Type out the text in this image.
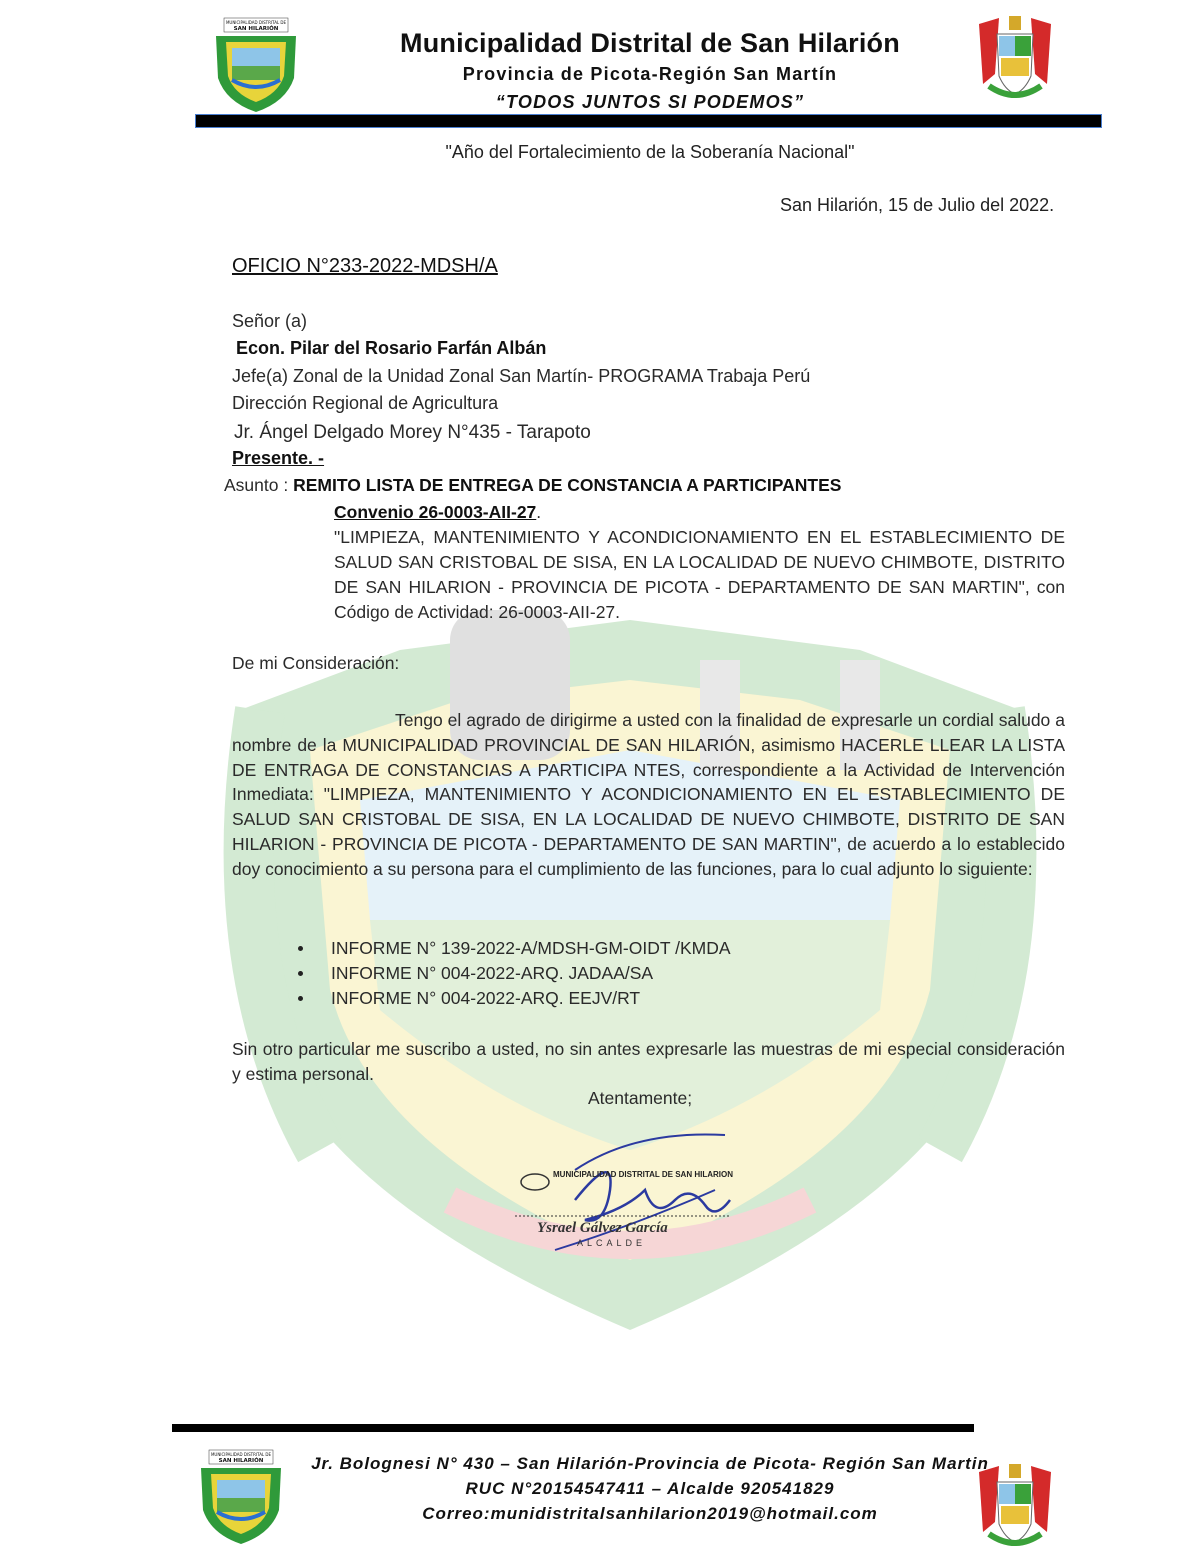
MUNICIPALIDAD DISTRITAL DE
SAN HILARIÓN	Municipalidad Distrital de San Hilarión
Provincia de Picota-Región San Martín
“TODOS JUNTOS SI PODEMOS”
"Año del Fortalecimiento de la Soberanía Nacional"
San Hilarión, 15 de Julio del 2022.
OFICIO N°233-2022-MDSH/A
Señor (a)
Econ. Pilar del Rosario Farfán Albán
Jefe(a) Zonal de la Unidad Zonal San Martín- PROGRAMA Trabaja Perú
Dirección Regional de Agricultura
Jr. Ángel Delgado Morey N°435 - Tarapoto
Presente. -
Asunto : REMITO LISTA DE ENTREGA DE CONSTANCIA A PARTICIPANTES
Convenio 26-0003-AII-27.
"LIMPIEZA, MANTENIMIENTO Y ACONDICIONAMIENTO EN EL ESTABLECIMIENTO DE SALUD SAN CRISTOBAL DE SISA, EN LA LOCALIDAD DE NUEVO CHIMBOTE, DISTRITO DE SAN HILARION - PROVINCIA DE PICOTA - DEPARTAMENTO DE SAN MARTIN", con Código de Actividad: 26-0003-AII-27.
De mi Consideración:
Tengo el agrado de dirigirme a usted con la finalidad de expresarle un cordial saludo a nombre de la MUNICIPALIDAD PROVINCIAL DE SAN HILARIÓN, asimismo HACERLE LLEAR LA LISTA DE ENTRAGA DE CONSTANCIAS A PARTICIPA NTES, correspondiente a la Actividad de Intervención Inmediata: "LIMPIEZA, MANTENIMIENTO Y ACONDICIONAMIENTO EN EL ESTABLECIMIENTO DE SALUD SAN CRISTOBAL DE SISA, EN LA LOCALIDAD DE NUEVO CHIMBOTE, DISTRITO DE SAN HILARION - PROVINCIA DE PICOTA - DEPARTAMENTO DE SAN MARTIN", de acuerdo a lo establecido doy conocimiento a su persona para el cumplimiento de las funciones, para lo cual adjunto lo siguiente:
INFORME N° 139-2022-A/MDSH-GM-OIDT /KMDA
INFORME N° 004-2022-ARQ. JADAA/SA
INFORME N° 004-2022-ARQ. EEJV/RT
Sin otro particular me suscribo a usted, no sin antes expresarle las muestras de mi especial consideración y estima personal.
Atentamente;
MUNICIPALIDAD DISTRITAL DE SAN HILARION
Ysrael Gálvez García
ALCALDE
MUNICIPALIDAD DISTRITAL DE
SAN HILARIÓN	Jr. Bolognesi N° 430 – San Hilarión-Provincia de Picota- Región San Martin
RUC N°20154547411 – Alcalde 920541829
Correo:munidistritalsanhilarion2019@hotmail.com
